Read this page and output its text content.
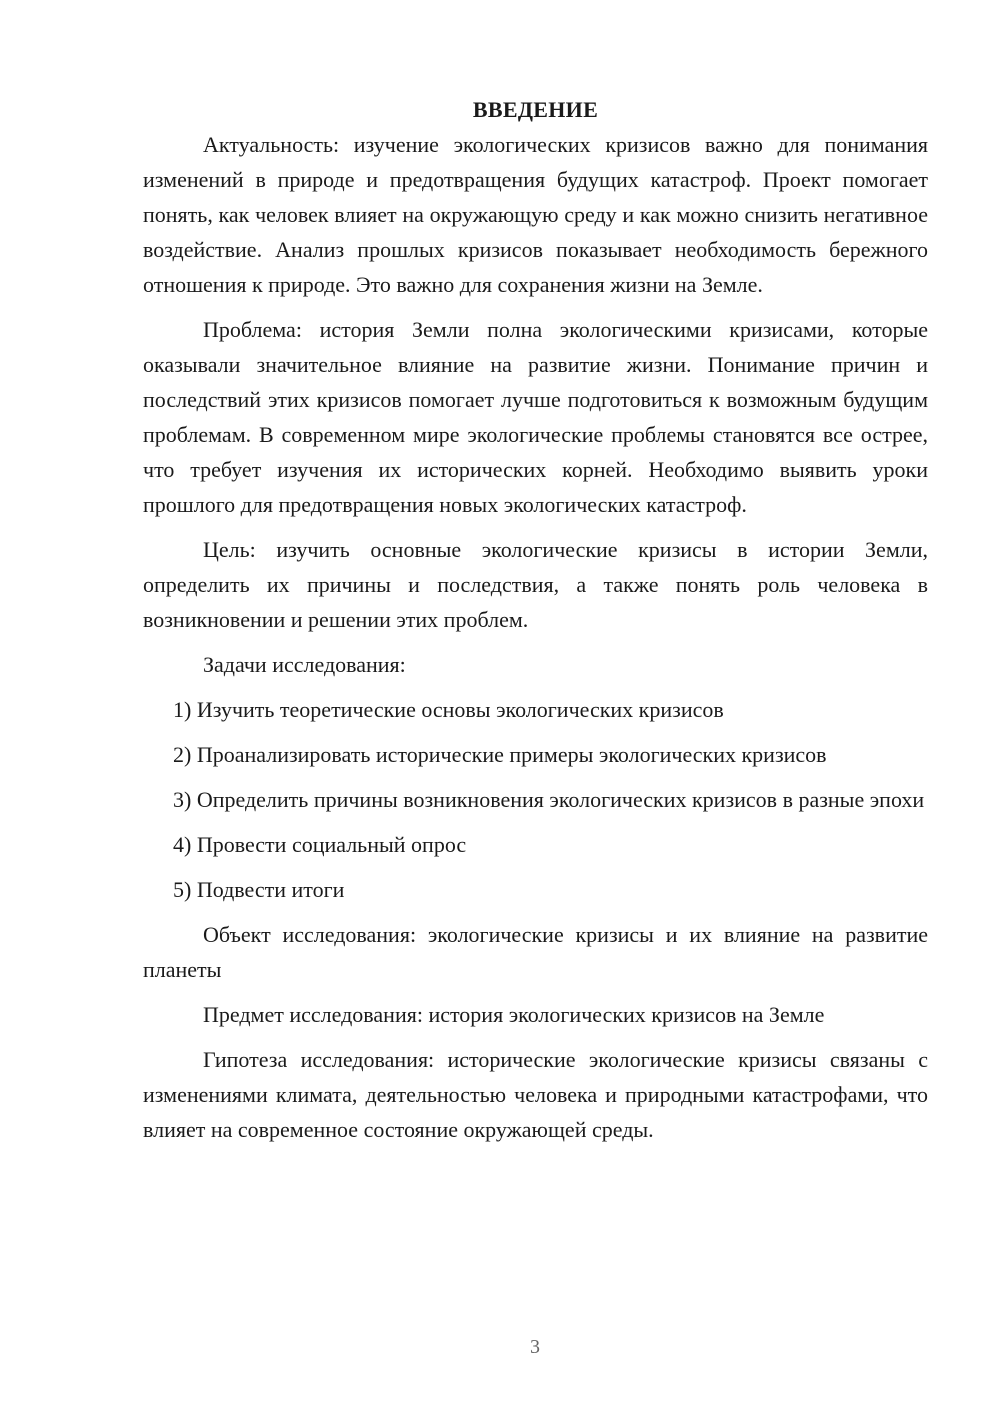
ВВЕДЕНИЕ

Актуальность: изучение экологических кризисов важно для понимания изменений в природе и предотвращения будущих катастроф. Проект помогает понять, как человек влияет на окружающую среду и как можно снизить негативное воздействие. Анализ прошлых кризисов показывает необходимость бережного отношения к природе. Это важно для сохранения жизни на Земле.

Проблема: история Земли полна экологическими кризисами, которые оказывали значительное влияние на развитие жизни. Понимание причин и последствий этих кризисов помогает лучше подготовиться к возможным будущим проблемам. В современном мире экологические проблемы становятся все острее, что требует изучения их исторических корней. Необходимо выявить уроки прошлого для предотвращения новых экологических катастроф.

Цель: изучить основные экологические кризисы в истории Земли, определить их причины и последствия, а также понять роль человека в возникновении и решении этих проблем.

Задачи исследования:

1) Изучить теоретические основы экологических кризисов

2) Проанализировать исторические примеры экологических кризисов

3) Определить причины возникновения экологических кризисов в разные эпохи

4) Провести социальный опрос

5) Подвести итоги

Объект исследования: экологические кризисы и их влияние на развитие планеты

Предмет исследования: история экологических кризисов на Земле

Гипотеза исследования: исторические экологические кризисы связаны с изменениями климата, деятельностью человека и природными катастрофами, что влияет на современное состояние окружающей среды.

3
